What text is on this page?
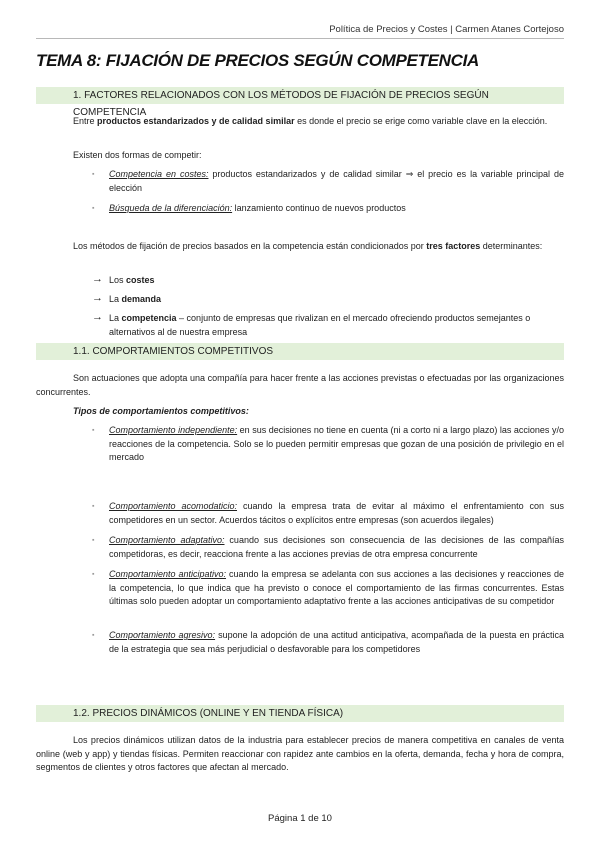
Política de Precios y Costes | Carmen Atanes Cortejoso
TEMA 8: FIJACIÓN DE PRECIOS SEGÚN COMPETENCIA
1. FACTORES RELACIONADOS CON LOS MÉTODOS DE FIJACIÓN DE PRECIOS SEGÚN COMPETENCIA
Entre productos estandarizados y de calidad similar es donde el precio se erige como variable clave en la elección.
Existen dos formas de competir:
▪ Competencia en costes: productos estandarizados y de calidad similar ⇒ el precio es la variable principal de elección
▪ Búsqueda de la diferenciación: lanzamiento continuo de nuevos productos
Los métodos de fijación de precios basados en la competencia están condicionados por tres factores determinantes:
→ Los costes
→ La demanda
→ La competencia – conjunto de empresas que rivalizan en el mercado ofreciendo productos semejantes o alternativos al de nuestra empresa
1.1. COMPORTAMIENTOS COMPETITIVOS
Son actuaciones que adopta una compañía para hacer frente a las acciones previstas o efectuadas por las organizaciones concurrentes.
Tipos de comportamientos competitivos:
▪ Comportamiento independiente: en sus decisiones no tiene en cuenta (ni a corto ni a largo plazo) las acciones y/o reacciones de la competencia. Solo se lo pueden permitir empresas que gozan de una posición de privilegio en el mercado
▪ Comportamiento acomodaticio: cuando la empresa trata de evitar al máximo el enfrentamiento con sus competidores en un sector. Acuerdos tácitos o explícitos entre empresas (son acuerdos ilegales)
▪ Comportamiento adaptativo: cuando sus decisiones son consecuencia de las decisiones de las compañías competidoras, es decir, reacciona frente a las acciones previas de otra empresa concurrente
▪ Comportamiento anticipativo: cuando la empresa se adelanta con sus acciones a las decisiones y reacciones de la competencia, lo que indica que ha previsto o conoce el comportamiento de las firmas concurrentes. Estas últimas solo pueden adoptar un comportamiento adaptativo frente a las acciones anticipativas de su competidor
▪ Comportamiento agresivo: supone la adopción de una actitud anticipativa, acompañada de la puesta en práctica de la estrategia que sea más perjudicial o desfavorable para los competidores
1.2. PRECIOS DINÁMICOS (ONLINE Y EN TIENDA FÍSICA)
Los precios dinámicos utilizan datos de la industria para establecer precios de manera competitiva en canales de venta online (web y app) y tiendas físicas. Permiten reaccionar con rapidez ante cambios en la oferta, demanda, fecha y hora de compra, segmentos de clientes y otros factores que afectan al mercado.
Página 1 de 10
